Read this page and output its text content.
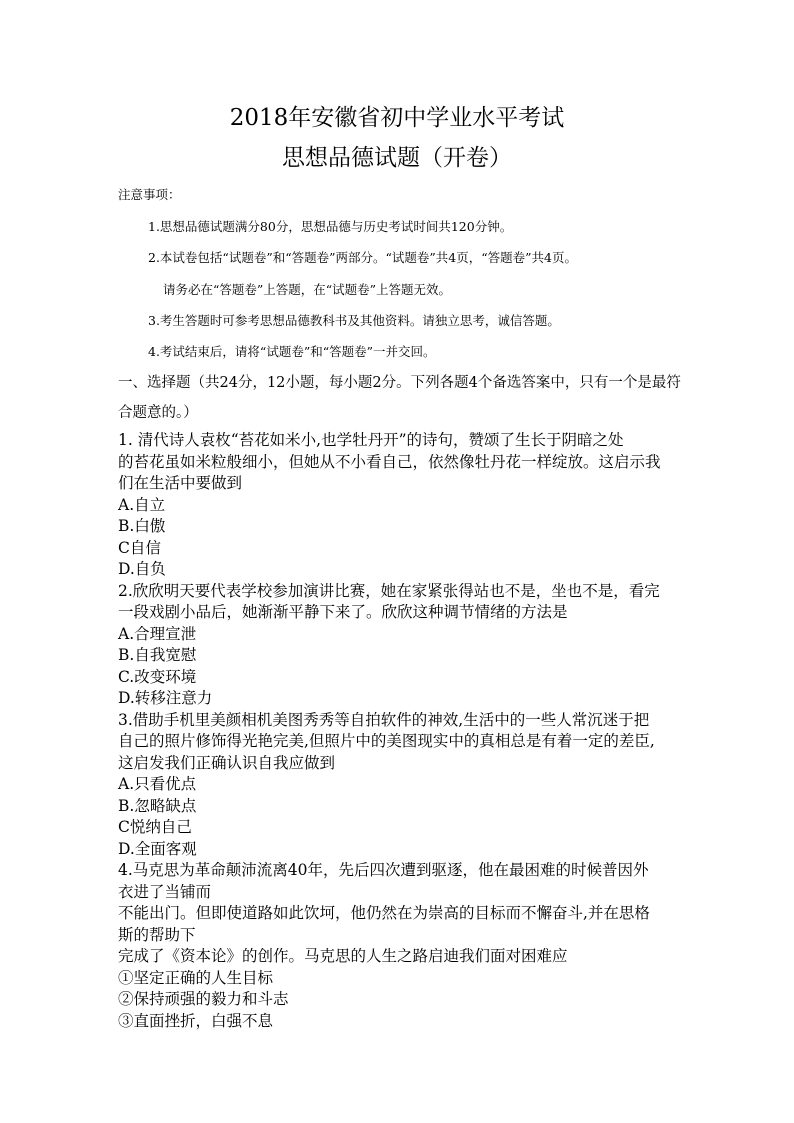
2018年安徽省初中学业水平考试
思想品德试题（开卷）
注意事项：
1.思想品德试题满分80分，思想品德与历史考试时间共120分钟。
2.本试卷包括“试题卷”和“答题卷”两部分。“试题卷”共4页，“答题卷”共4页。
请务必在“答题卷”上答题，在“试题卷”上答题无效。
3.考生答题时可参考思想品德教科书及其他资料。请独立思考，诚信答题。
4.考试结束后，请将“试题卷”和“答题卷”一并交回。
一、选择题（共24分，12小题，每小题2分。下列各题4个备选答案中，只有一个是最符
合题意的。）
1. 清代诗人袁枚“苔花如米小,也学牡丹开”的诗句，赞颂了生长于阴暗之处
的苔花虽如米粒般细小，但她从不小看自己，依然像牡丹花一样绽放。这启示我
们在生活中要做到
A.自立
B.白傲
C自信
D.自负
2.欣欣明天要代表学校参加演讲比赛，她在家紧张得站也不是，坐也不是，看完
一段戏剧小品后，她渐渐平静下来了。欣欣这种调节情绪的方法是
A.合理宣泄
B.自我宽慰
C.改变环境
D.转移注意力
3.借助手机里美颜相机美图秀秀等自拍软件的神效,生活中的一些人常沉迷于把
自己的照片修饰得光艳完美,但照片中的美图现实中的真相总是有着一定的差臣,
这启发我们正确认识自我应做到
A.只看优点
B.忽略缺点
C悦纳自己
D.全面客观
4.马克思为革命颠沛流离40年，先后四次遭到驱逐，他在最困难的时候普因外
衣进了当铺而
不能出门。但即使道路如此饮坷，他仍然在为崇高的目标而不懈奋斗,并在思格
斯的帮助下
完成了《资本论》的创作。马克思的人生之路启迪我们面对困难应
①坚定正确的人生目标
②保持顽强的毅力和斗志
③直面挫折，白强不息
